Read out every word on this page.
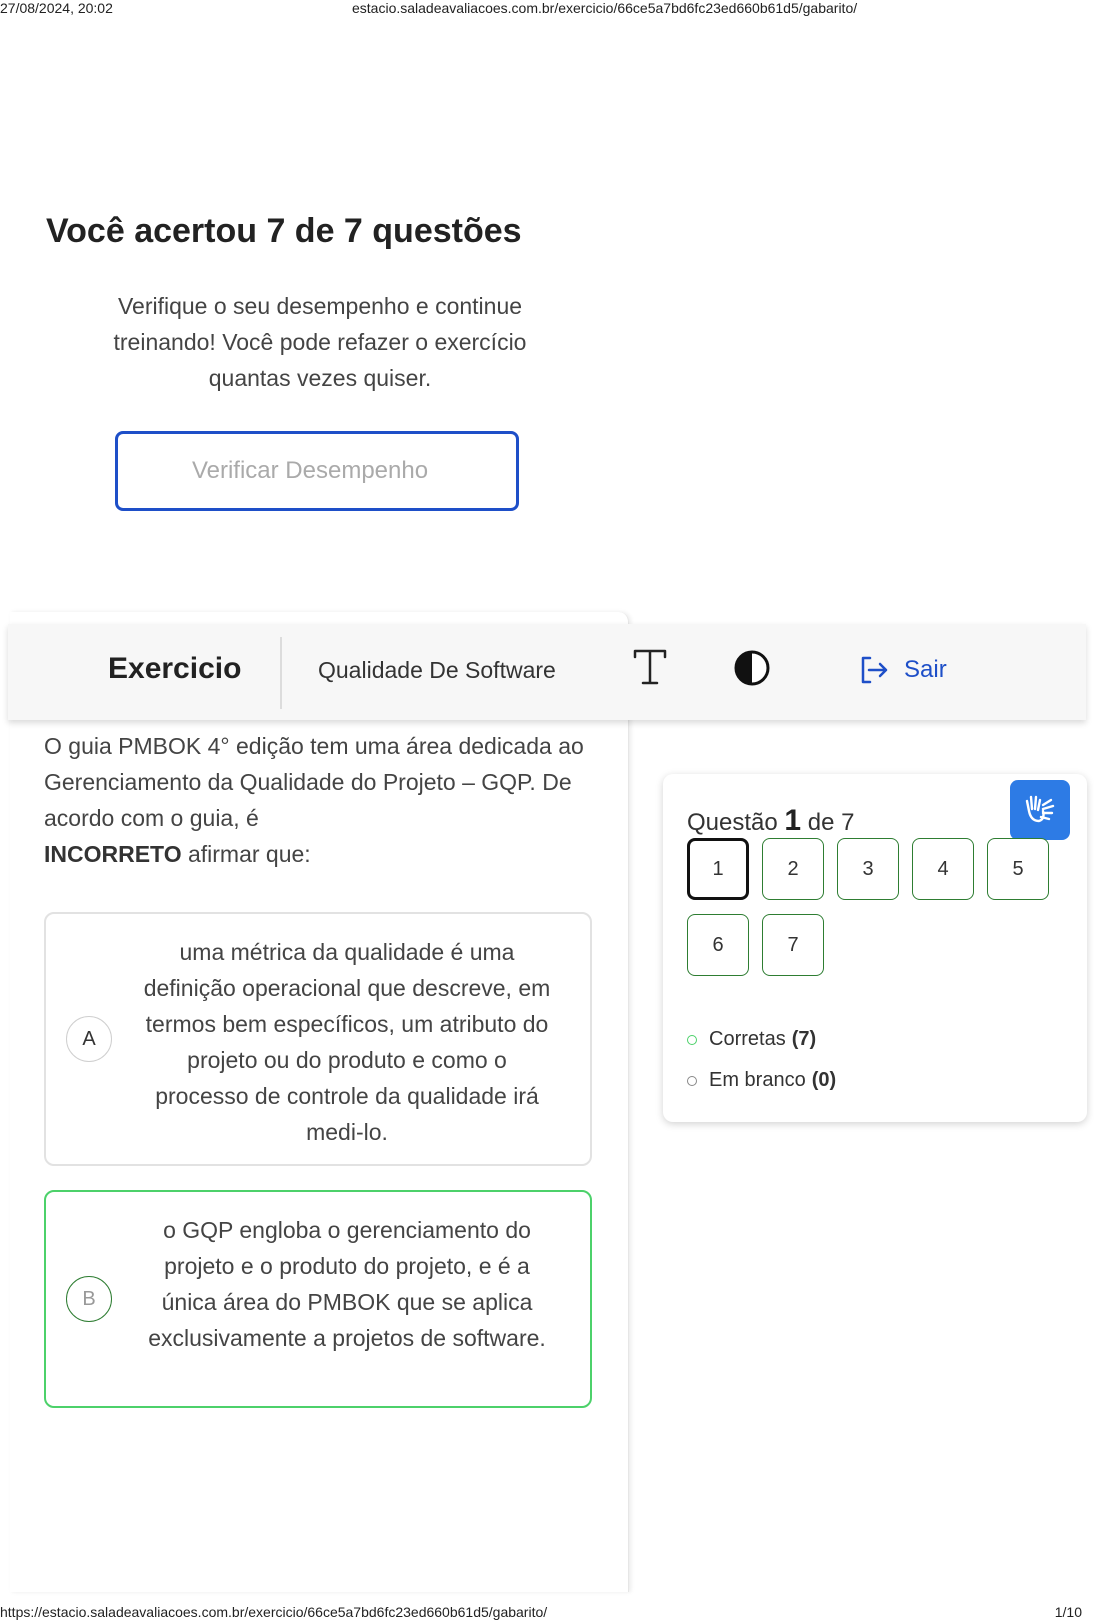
27/08/2024, 20:02	estacio.saladeavaliacoes.com.br/exercicio/66ce5a7bd6fc23ed660b61d5/gabarito/
Você acertou 7 de 7 questões
Verifique o seu desempenho e continue treinando! Você pode refazer o exercício quantas vezes quiser.
Verificar Desempenho
Exercicio	Qualidade De Software	Sair
O guia PMBOK 4° edição tem uma área dedicada ao Gerenciamento da Qualidade do Projeto – GQP. De acordo com o guia, é
INCORRETO afirmar que:
A
uma métrica da qualidade é uma definição operacional que descreve, em termos bem específicos, um atributo do projeto ou do produto e como o processo de controle da qualidade irá medi-lo.
B
o GQP engloba o gerenciamento do projeto e o produto do projeto, e é a única área do PMBOK que se aplica exclusivamente a projetos de software.
Questão 1 de 7
1	2	3	4	5
6	7
Corretas (7)
Em branco (0)
https://estacio.saladeavaliacoes.com.br/exercicio/66ce5a7bd6fc23ed660b61d5/gabarito/	1/10
